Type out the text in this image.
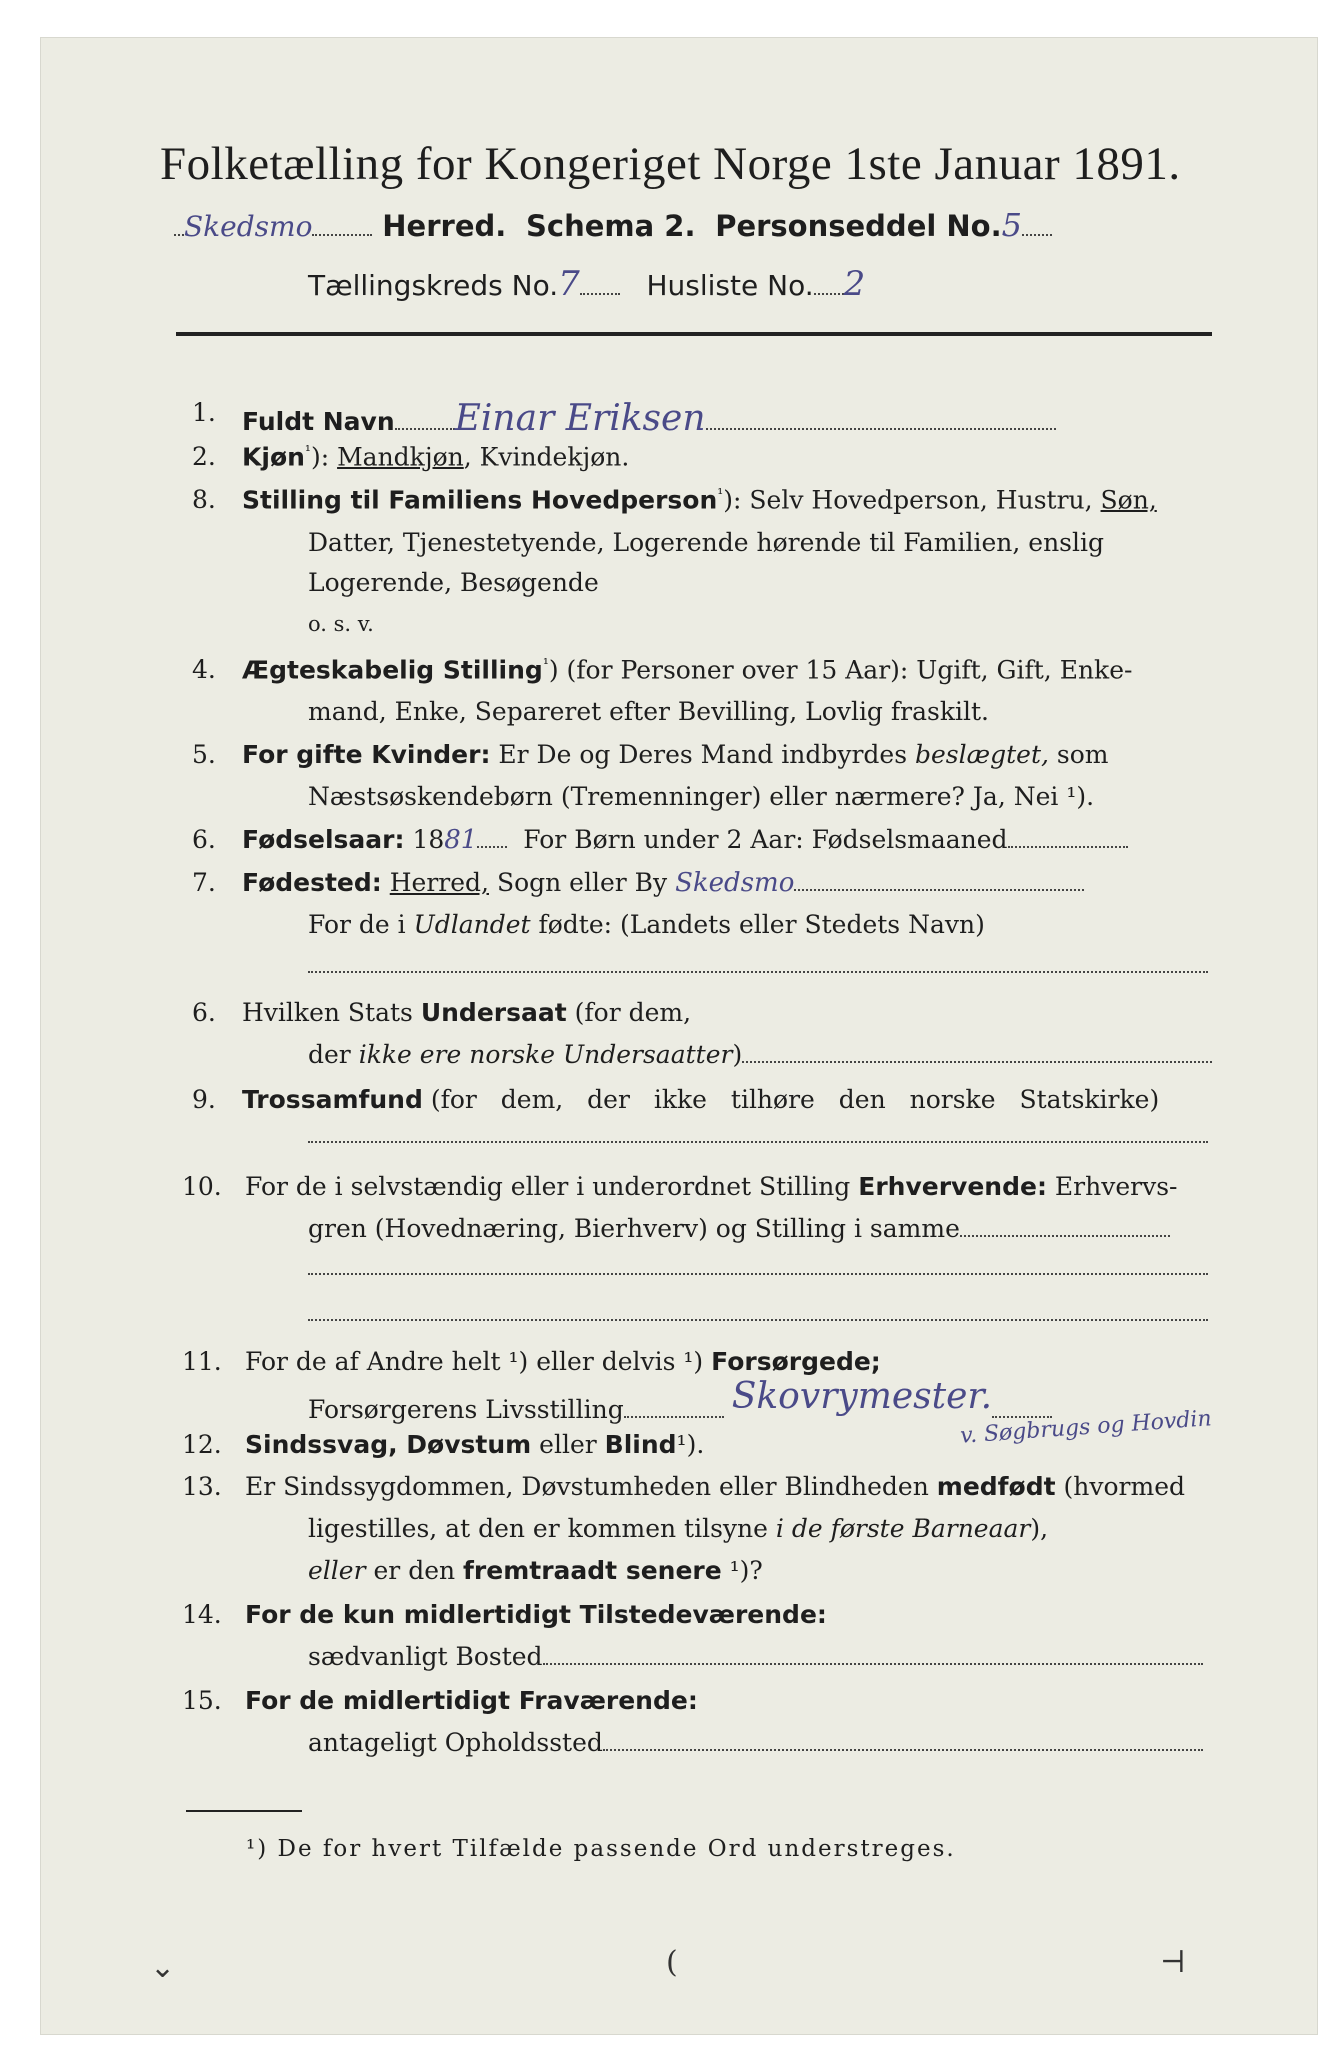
Folketælling for Kongeriget Norge 1ste Januar 1891.
Skedsmo Herred. Schema 2. Personseddel No.5
Tællingskreds No.7 Husliste No. 2
1. Fuldt Navn Einar Eriksen
2. Kjøn$^{^1}$): Mandkjøn, Kvindekjøn.
8. Stilling til Familiens Hovedperson$^{^1}$): Selv Hovedperson, Hustru, Søn,
Datter, Tjenestetyende, Logerende hørende til Familien, enslig
Logerende, Besøgende
o. s. v.
4. Ægteskabelig Stilling$^{^1}$) (for Personer over 15 Aar): Ugift, Gift, Enke-
mand, Enke, Separeret efter Bevilling, Lovlig fraskilt.
5. For gifte Kvinder: Er De og Deres Mand indbyrdes beslægtet, som
Næstsøskendebørn (Tremenninger) eller nærmere? Ja, Nei ¹).
6. Fødselsaar: 1881 For Børn under 2 Aar: Fødselsmaaned
7. Fødested: Herred, Sogn eller By Skedsmo
For de i Udlandet fødte: (Landets eller Stedets Navn)
6. Hvilken Stats Undersaat (for dem,
der ikke ere norske Undersaatter)
9. Trossamfund (for dem, der ikke tilhøre den norske Statskirke)
10. For de i selvstændig eller i underordnet Stilling Erhvervende: Erhvervs-
gren (Hovednæring, Bierhverv) og Stilling i samme
11. For de af Andre helt ¹) eller delvis ¹) Forsørgede;
Forsørgerens Livsstilling	Skovrymester.
12. Sindssvag, Døvstum eller Blind¹).	v. Søgbrugs og Hovdin
13. Er Sindssygdommen, Døvstumheden eller Blindheden medfødt (hvormed
ligestilles, at den er kommen tilsyne i de første Barneaar),
eller er den fremtraadt senere ¹)?
14. For de kun midlertidigt Tilstedeværende:
sædvanligt Bosted
15. For de midlertidigt Fraværende:
antageligt Opholdssted
¹) De for hvert Tilfælde passende Ord understreges.
⌄	(	⊣
